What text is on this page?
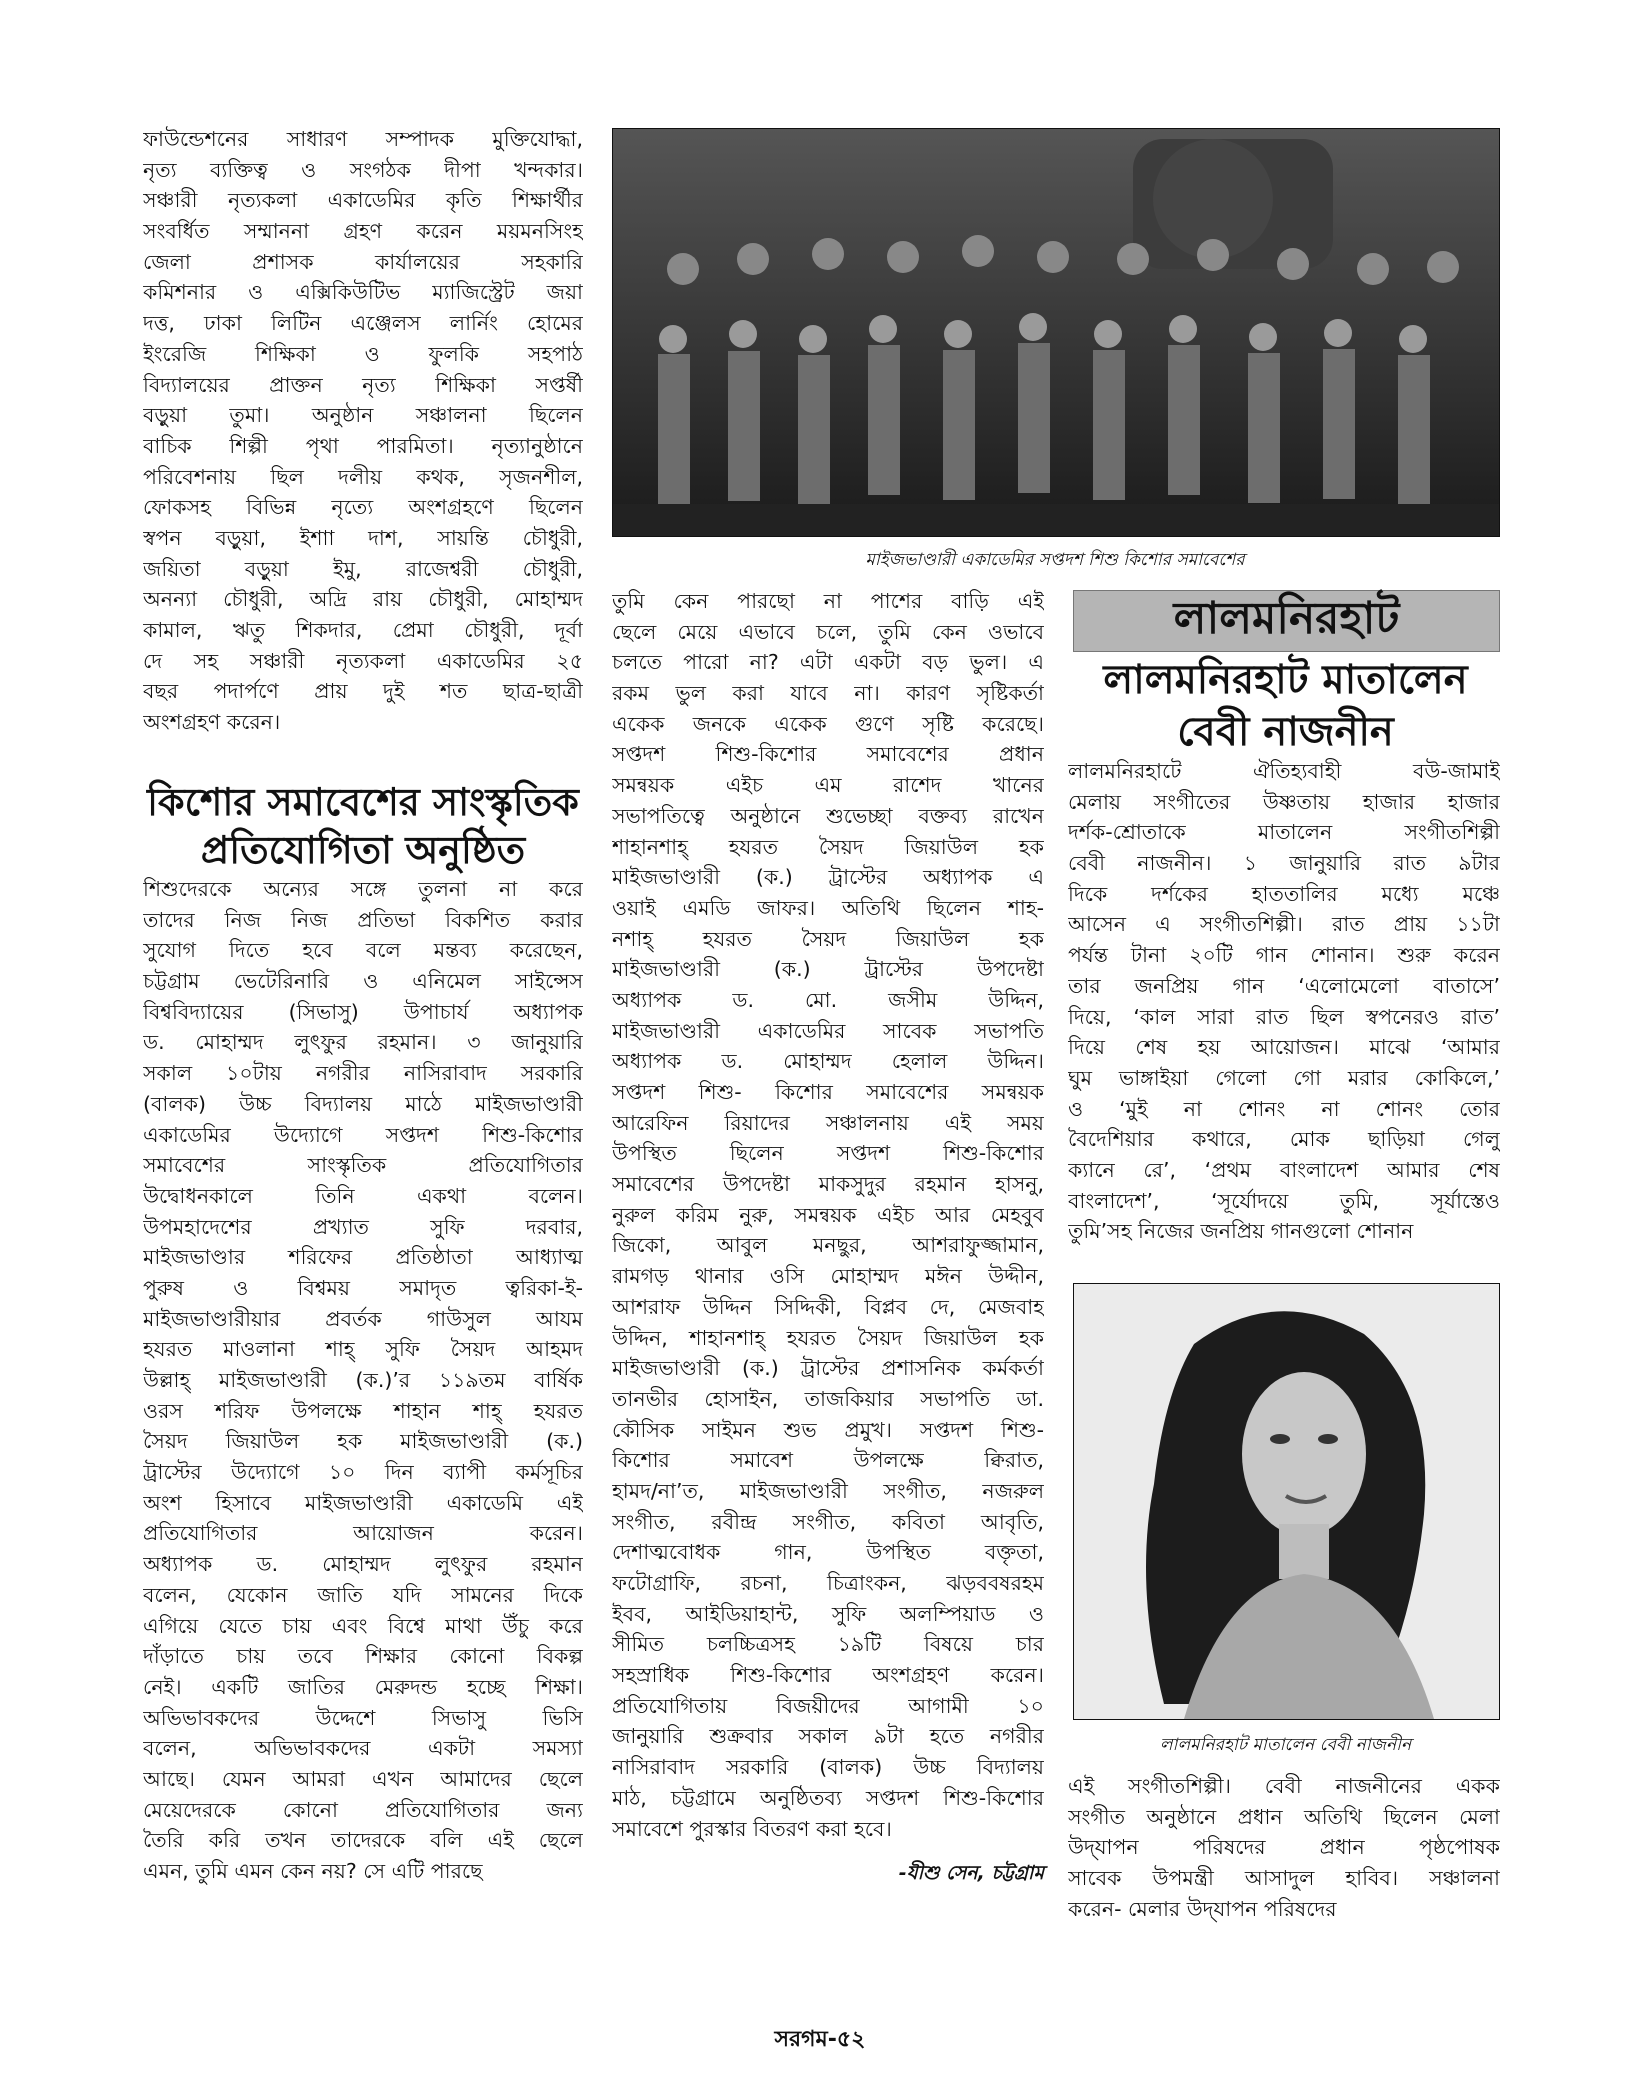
ফাউন্ডেশনের সাধারণ সম্পাদক মুক্তিযোদ্ধা,
নৃত্য ব্যক্তিত্ব ও সংগঠক দীপা খন্দকার।
সঞ্চারী নৃত্যকলা একাডেমির কৃতি শিক্ষার্থীর
সংবর্ধিত সম্মাননা গ্রহণ করেন ময়মনসিংহ
জেলা প্রশাসক কার্যালয়ের সহকারি
কমিশনার ও এক্সিকিউটিভ ম্যাজিস্ট্রেট জয়া
দত্ত, ঢাকা লিটিন এঞ্জেলস লার্নিং হোমের
ইংরেজি শিক্ষিকা ও ফুলকি সহপাঠ
বিদ্যালয়ের প্রাক্তন নৃত্য শিক্ষিকা সপ্তর্ষী
বড়ুয়া তুমা। অনুষ্ঠান সঞ্চালনা ছিলেন
বাচিক শিল্পী পৃথা পারমিতা। নৃত্যানুষ্ঠানে
পরিবেশনায় ছিল দলীয় কথক, সৃজনশীল,
ফোকসহ বিভিন্ন নৃত্যে অংশগ্রহণে ছিলেন
স্বপন বড়ুয়া, ইশাা দাশ, সায়ন্তি চৌধুরী,
জয়িতা বড়ুয়া ইমু, রাজেশ্বরী চৌধুরী,
অনন্যা চৌধুরী, অদ্রি রায় চৌধুরী, মোহাম্মদ
কামাল, ঋতু শিকদার, প্রেমা চৌধুরী, দূর্বা
দে সহ সঞ্চারী নৃত্যকলা একাডেমির ২৫
বছর পদার্পণে প্রায় দুই শত ছাত্র-ছাত্রী
অংশগ্রহণ করেন।
কিশোর সমাবেশের সাংস্কৃতিক
প্রতিযোগিতা অনুষ্ঠিত
শিশুদেরকে অন্যের সঙ্গে তুলনা না করে
তাদের নিজ নিজ প্রতিভা বিকশিত করার
সুযোগ দিতে হবে বলে মন্তব্য করেছেন,
চট্টগ্রাম ভেটেরিনারি ও এনিমেল সাইন্সেস
বিশ্ববিদ্যায়ের (সিভাসু) উপাচার্য অধ্যাপক
ড. মোহাম্মদ লুৎফুর রহমান। ৩ জানুয়ারি
সকাল ১০টায় নগরীর নাসিরাবাদ সরকারি
(বালক) উচ্চ বিদ্যালয় মাঠে মাইজভাণ্ডারী
একাডেমির উদ্যোগে সপ্তদশ শিশু-কিশোর
সমাবেশের সাংস্কৃতিক প্রতিযোগিতার
উদ্বোধনকালে তিনি একথা বলেন।
উপমহাদেশের প্রখ্যাত সুফি দরবার,
মাইজভাণ্ডার শরিফের প্রতিষ্ঠাতা আধ্যাত্ম
পুরুষ ও বিশ্বময় সমাদৃত ত্বরিকা-ই-
মাইজভাণ্ডারীয়ার প্রবর্তক গাউসুল আযম
হযরত মাওলানা শাহ্ সুফি সৈয়দ আহমদ
উল্লাহ্ মাইজভাণ্ডারী (ক.)’র ১১৯তম বার্ষিক
ওরস শরিফ উপলক্ষে শাহান শাহ্ হযরত
সৈয়দ জিয়াউল হক মাইজভাণ্ডারী (ক.)
ট্রাস্টের উদ্যোগে ১০ দিন ব্যাপী কর্মসূচির
অংশ হিসাবে মাইজভাণ্ডারী একাডেমি এই
প্রতিযোগিতার আয়োজন করেন।
অধ্যাপক ড. মোহাম্মদ লুৎফুর রহমান
বলেন, যেকোন জাতি যদি সামনের দিকে
এগিয়ে যেতে চায় এবং বিশ্বে মাথা উঁচু করে
দাঁড়াতে চায় তবে শিক্ষার কোনো বিকল্প
নেই। একটি জাতির মেরুদন্ড হচ্ছে শিক্ষা।
অভিভাবকদের উদ্দেশে সিভাসু ভিসি
বলেন, অভিভাবকদের একটা সমস্যা
আছে। যেমন আমরা এখন আমাদের ছেলে
মেয়েদেরকে কোনো প্রতিযোগিতার জন্য
তৈরি করি তখন তাদেরকে বলি এই ছেলে
এমন, তুমি এমন কেন নয়? সে এটি পারছে
মাইজভাণ্ডারী একাডেমির সপ্তদশ শিশু কিশোর সমাবেশের
তুমি কেন পারছো না পাশের বাড়ি এই
ছেলে মেয়ে এভাবে চলে, তুমি কেন ওভাবে
চলতে পারো না? এটা একটা বড় ভুল। এ
রকম ভুল করা যাবে না। কারণ সৃষ্টিকর্তা
একেক জনকে একেক গুণে সৃষ্টি করেছে।
সপ্তদশ শিশু-কিশোর সমাবেশের প্রধান
সমন্বয়ক এইচ এম রাশেদ খানের
সভাপতিত্বে অনুষ্ঠানে শুভেচ্ছা বক্তব্য রাখেন
শাহানশাহ্ হযরত সৈয়দ জিয়াউল হক
মাইজভাণ্ডারী (ক.) ট্রাস্টের অধ্যাপক এ
ওয়াই এমডি জাফর। অতিথি ছিলেন শাহ-
নশাহ্ হযরত সৈয়দ জিয়াউল হক
মাইজভাণ্ডারী (ক.) ট্রাস্টের উপদেষ্টা
অধ্যাপক ড. মো. জসীম উদ্দিন,
মাইজভাণ্ডারী একাডেমির সাবেক সভাপতি
অধ্যাপক ড. মোহাম্মদ হেলাল উদ্দিন।
সপ্তদশ শিশু- কিশোর সমাবেশের সমন্বয়ক
আরেফিন রিয়াদের সঞ্চালনায় এই সময়
উপস্থিত ছিলেন সপ্তদশ শিশু-কিশোর
সমাবেশের উপদেষ্টা মাকসুদুর রহমান হাসনু,
নুরুল করিম নুরু, সমন্বয়ক এইচ আর মেহবুব
জিকো, আবুল মনছুর, আশরাফুজ্জামান,
রামগড় থানার ওসি মোহাম্মদ মঈন উদ্দীন,
আশরাফ উদ্দিন সিদ্দিকী, বিপ্লব দে, মেজবাহ
উদ্দিন, শাহানশাহ্ হযরত সৈয়দ জিয়াউল হক
মাইজভাণ্ডারী (ক.) ট্রাস্টের প্রশাসনিক কর্মকর্তা
তানভীর হোসাইন, তাজকিয়ার সভাপতি ডা.
কৌসিক সাইমন শুভ প্রমুখ। সপ্তদশ শিশু-
কিশোর সমাবেশ উপলক্ষে ক্বিরাত,
হামদ/না’ত, মাইজভাণ্ডারী সংগীত, নজরুল
সংগীত, রবীন্দ্র সংগীত, কবিতা আবৃতি,
দেশাত্মবোধক গান, উপস্থিত বক্তৃতা,
ফটোগ্রাফি, রচনা, চিত্রাংকন, ঝড়ববষরহম
ইবব, আইডিয়াহান্ট, সুফি অলম্পিয়াড ও
সীমিত চলচ্চিত্রসহ ১৯টি বিষয়ে চার
সহস্রাধিক শিশু-কিশোর অংশগ্রহণ করেন।
প্রতিযোগিতায় বিজয়ীদের আগামী ১০
জানুয়ারি শুক্রবার সকাল ৯টা হতে নগরীর
নাসিরাবাদ সরকারি (বালক) উচ্চ বিদ্যালয়
মাঠ, চট্টগ্রামে অনুষ্ঠিতব্য সপ্তদশ শিশু-কিশোর
সমাবেশে পুরস্কার বিতরণ করা হবে।
-যীশু সেন, চট্টগ্রাম
লালমনিরহাট
লালমনিরহাট মাতালেন
বেবী নাজনীন
লালমনিরহাটে ঐতিহ্যবাহী বউ-জামাই
মেলায় সংগীতের উষ্ণতায় হাজার হাজার
দর্শক-শ্রোতাকে মাতালেন সংগীতশিল্পী
বেবী নাজনীন। ১ জানুয়ারি রাত ৯টার
দিকে দর্শকের হাততালির মধ্যে মঞ্চে
আসেন এ সংগীতশিল্পী। রাত প্রায় ১১টা
পর্যন্ত টানা ২০টি গান শোনান। শুরু করেন
তার জনপ্রিয় গান ‘এলোমেলো বাতাসে’
দিয়ে, ‘কাল সারা রাত ছিল স্বপনেরও রাত’
দিয়ে শেষ হয় আয়োজন। মাঝে ‘আমার
ঘুম ভাঙ্গাইয়া গেলো গো মরার কোকিলে,’
ও ‘মুই না শোনং না শোনং তোর
বৈদেশিয়ার কথারে, মোক ছাড়িয়া গেলু
ক্যানে রে’, ‘প্রথম বাংলাদেশ আমার শেষ
বাংলাদেশ’, ‘সূর্যোদয়ে তুমি, সূর্যাস্তেও
তুমি’সহ নিজের জনপ্রিয় গানগুলো শোনান
লালমনিরহাট মাতালেন বেবী নাজনীন
এই সংগীতশিল্পী। বেবী নাজনীনের একক
সংগীত অনুষ্ঠানে প্রধান অতিথি ছিলেন মেলা
উদ্‌যাপন পরিষদের প্রধান পৃষ্ঠপোষক
সাবেক উপমন্ত্রী আসাদুল হাবিব। সঞ্চালনা
করেন- মেলার উদ্‌যাপন পরিষদের
সরগম-৫২
